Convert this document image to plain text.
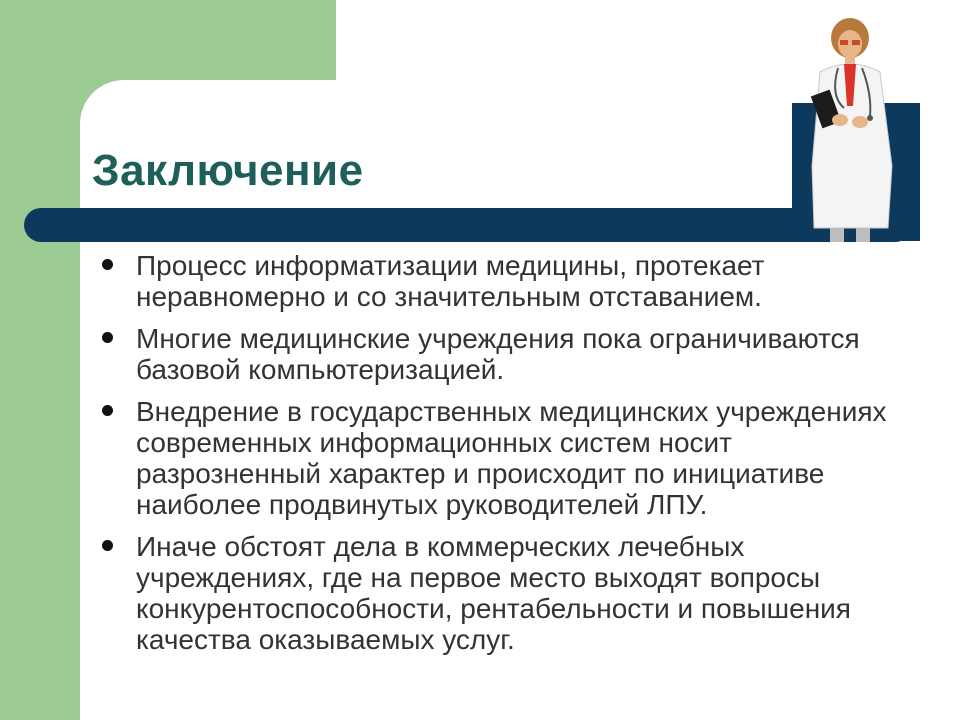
Заключение
Процесс информатизации медицины, протекает неравномерно и со значительным отставанием.
Многие медицинские учреждения пока ограничиваются базовой компьютеризацией.
Внедрение в государственных медицинских учреждениях современных информационных систем носит разрозненный характер и происходит по инициативе наиболее продвинутых руководителей ЛПУ.
Иначе обстоят дела в коммерческих лечебных учреждениях, где на первое место выходят вопросы конкурентоспособности, рентабельности и повышения качества оказываемых услуг.
